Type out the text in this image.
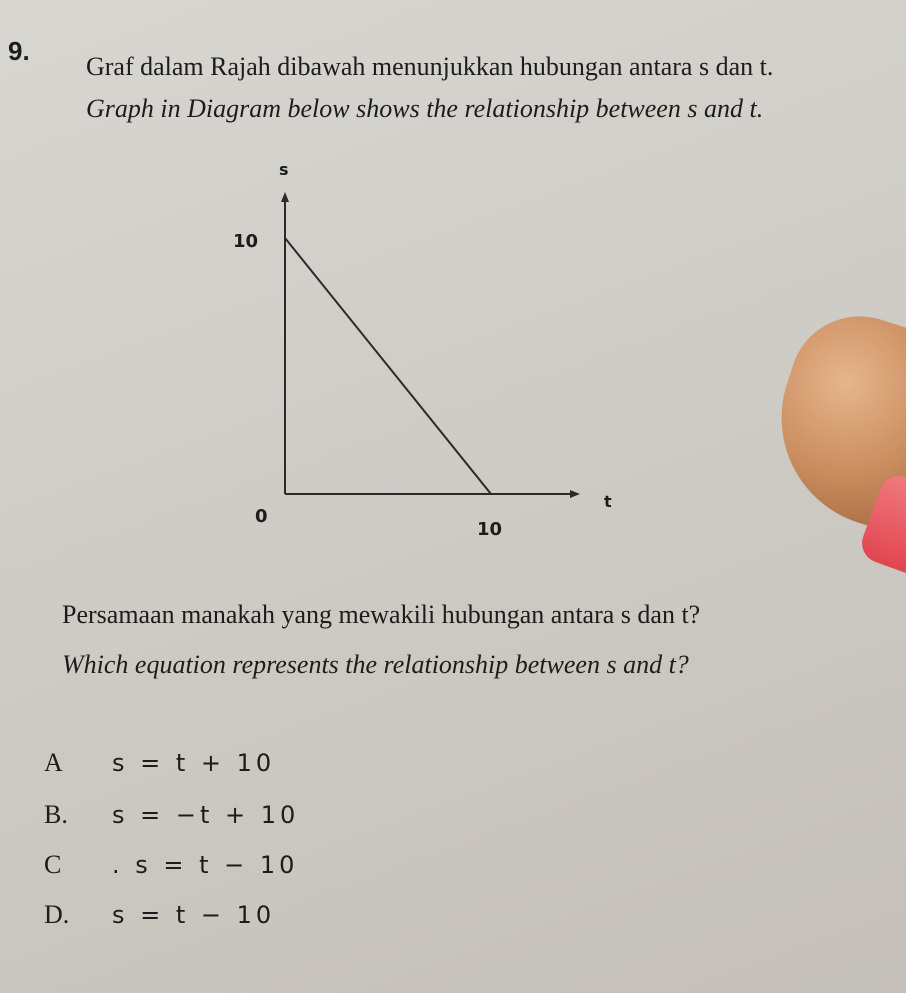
9.
Graf dalam Rajah dibawah menunjukkan hubungan antara s dan t.
Graph in Diagram below shows the relationship between s and t.
s
t
10
10
0
Persamaan manakah yang mewakili hubungan antara s dan t?
Which equation represents the relationship between s and t?
A	s = t + 10
B.	s = −t + 10
C	. s = t − 10
D.	s = t − 10
